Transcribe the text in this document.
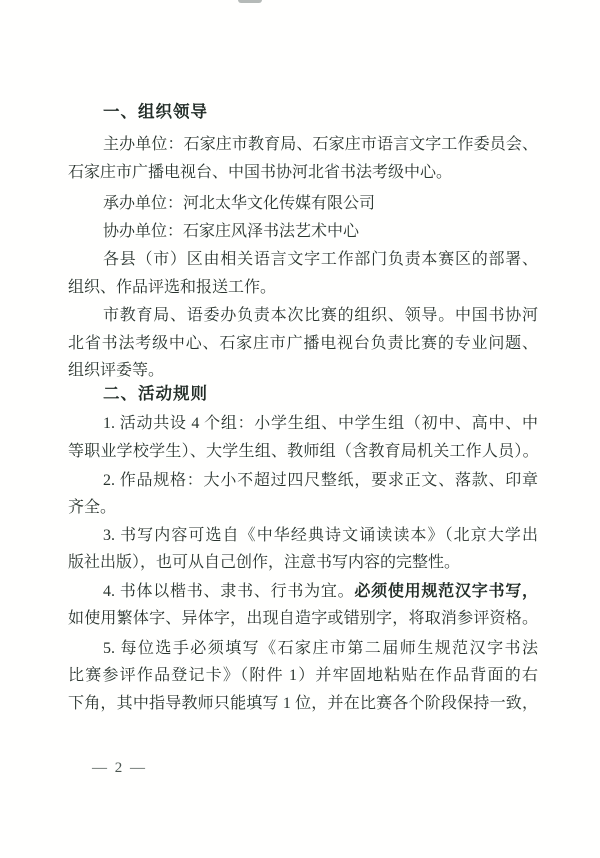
一、组织领导
主办单位：石家庄市教育局、石家庄市语言文字工作委员会、
石家庄市广播电视台、中国书协河北省书法考级中心。
承办单位：河北太华文化传媒有限公司
协办单位：石家庄风泽书法艺术中心
各县（市）区由相关语言文字工作部门负责本赛区的部署、
组织、作品评选和报送工作。
市教育局、语委办负责本次比赛的组织、领导。中国书协河
北省书法考级中心、石家庄市广播电视台负责比赛的专业问题、
组织评委等。
二、活动规则
1. 活动共设 4 个组：小学生组、中学生组（初中、高中、中
等职业学校学生）、大学生组、教师组（含教育局机关工作人员）。
2. 作品规格：大小不超过四尺整纸，要求正文、落款、印章
齐全。
3. 书写内容可选自《中华经典诗文诵读读本》（北京大学出
版社出版），也可从自己创作，注意书写内容的完整性。
4. 书体以楷书、隶书、行书为宜。必须使用规范汉字书写，
如使用繁体字、异体字，出现自造字或错别字，将取消参评资格。
5. 每位选手必须填写《石家庄市第二届师生规范汉字书法
比赛参评作品登记卡》（附件 1）并牢固地粘贴在作品背面的右
下角，其中指导教师只能填写 1 位，并在比赛各个阶段保持一致，
— 2 —
